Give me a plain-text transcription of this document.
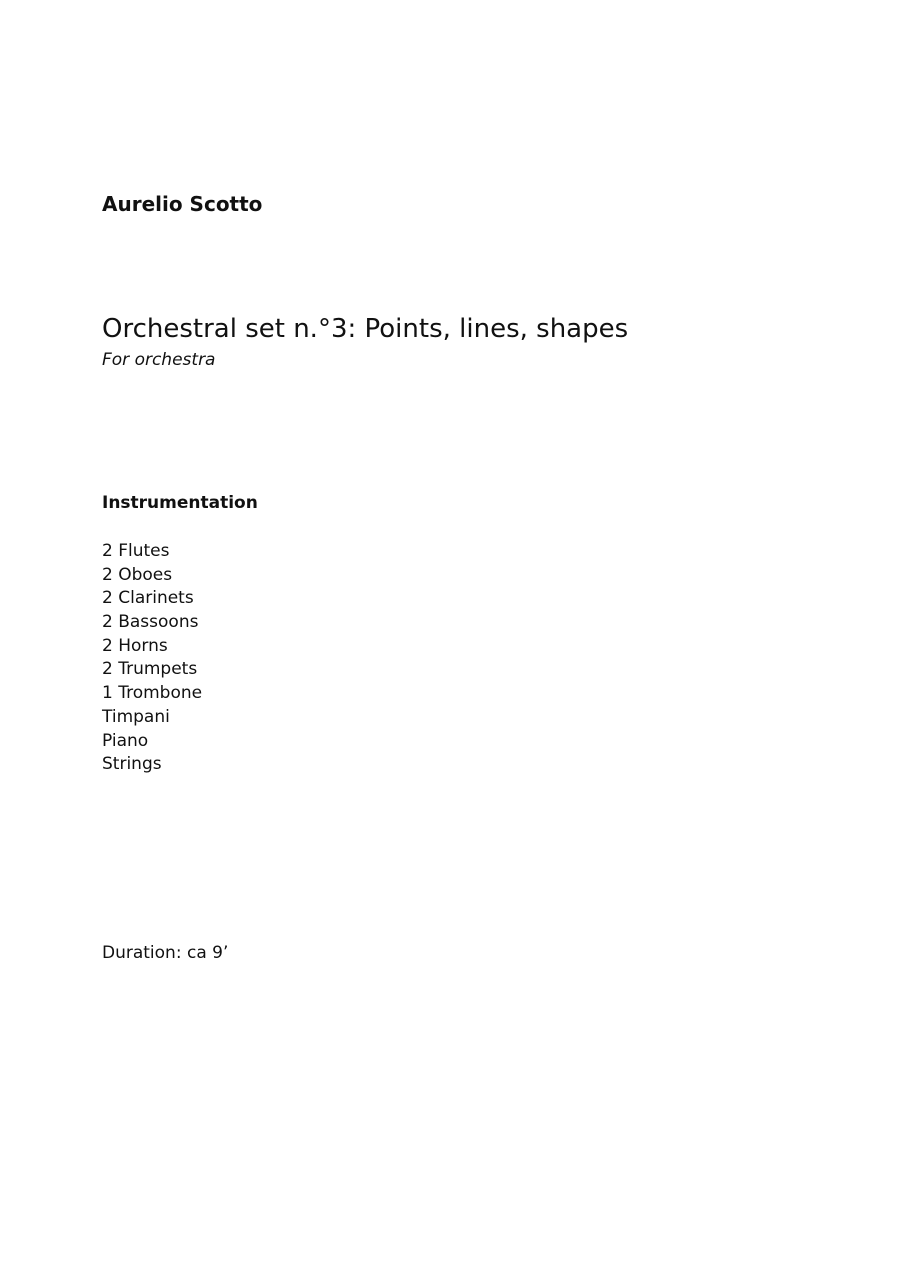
Aurelio Scotto
Orchestral set n.°3: Points, lines, shapes
For orchestra
Instrumentation
2 Flutes
2 Oboes
2 Clarinets
2 Bassoons
2 Horns
2 Trumpets
1 Trombone
Timpani
Piano
Strings
Duration: ca 9’
